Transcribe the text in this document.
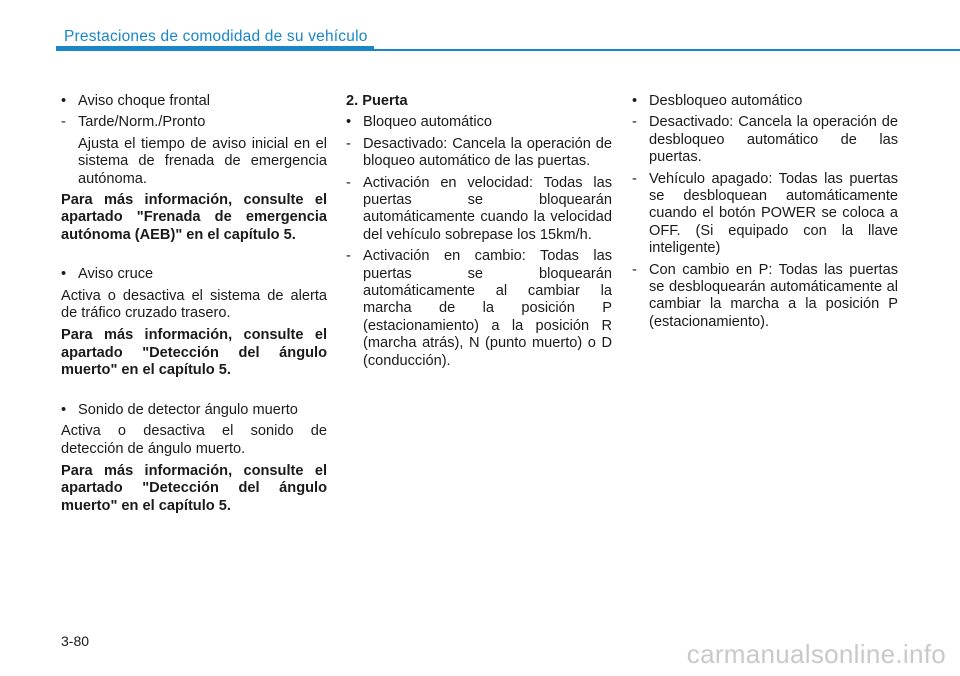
Prestaciones de comodidad de su vehículo
• Aviso choque frontal
- Tarde/Norm./Pronto
Ajusta el tiempo de aviso inicial en el sistema de frenada de emergencia autónoma.
Para más información, consulte el apartado "Frenada de emergencia autónoma (AEB)" en el capítulo 5.
• Aviso cruce
Activa o desactiva el sistema de alerta de tráfico cruzado trasero.
Para más información, consulte el apartado "Detección del ángulo muerto" en el capítulo 5.
• Sonido de detector ángulo muerto
Activa o desactiva el sonido de detección de ángulo muerto.
Para más información, consulte el apartado "Detección del ángulo muerto" en el capítulo 5.
2. Puerta
• Bloqueo automático
- Desactivado: Cancela la operación de bloqueo automático de las puertas.
- Activación en velocidad: Todas las puertas se bloquearán automáticamente cuando la velocidad del vehículo sobrepase los 15km/h.
- Activación en cambio: Todas las puertas se bloquearán automáticamente al cambiar la marcha de la posición P (estacionamiento) a la posición R (marcha atrás), N (punto muerto) o D (conducción).
• Desbloqueo automático
- Desactivado: Cancela la operación de desbloqueo automático de las puertas.
- Vehículo apagado: Todas las puertas se desbloquean automáticamente cuando el botón POWER se coloca a OFF. (Si equipado con la llave inteligente)
- Con cambio en P: Todas las puertas se desbloquearán automáticamente al cambiar la marcha a la posición P (estacionamiento).
3-80	carmanualsonline.info
